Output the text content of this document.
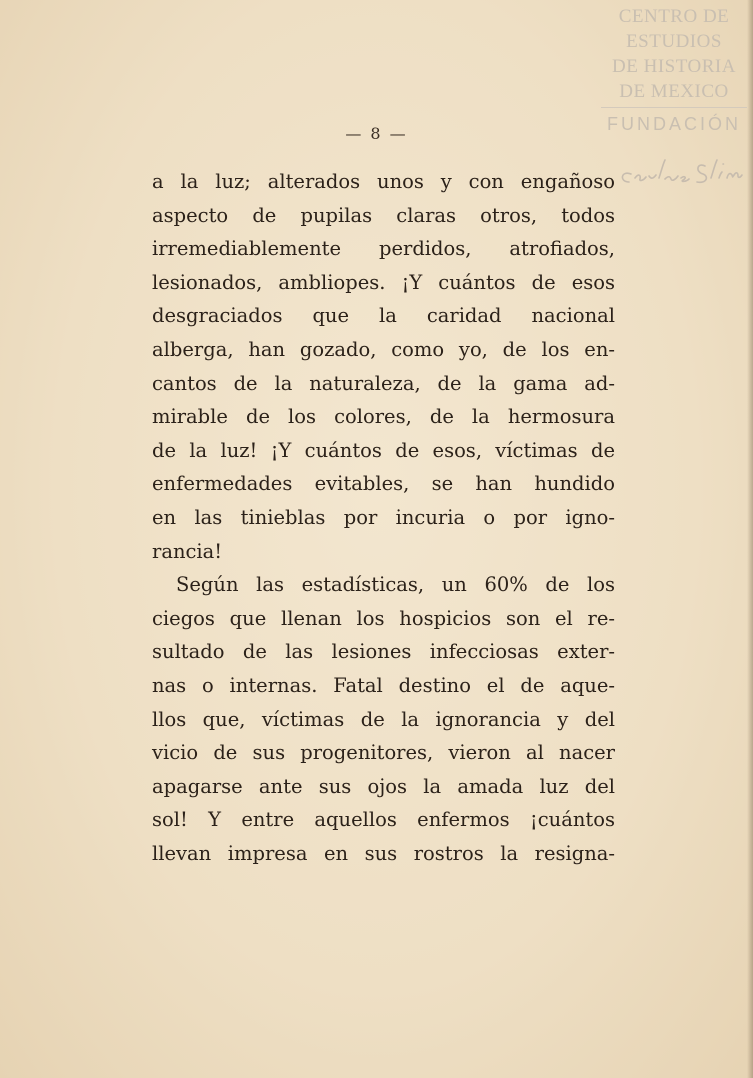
CENTRO DE
ESTUDIOS
DE HISTORIA
DE MEXICO
FUNDACIÓN
— 8 —
a la luz; alterados unos y con engañoso
aspecto de pupilas claras otros, todos
irremediablemente perdidos, atrofiados,
lesionados, ambliopes. ¡Y cuántos de esos
desgraciados que la caridad nacional
alberga, han gozado, como yo, de los en-
cantos de la naturaleza, de la gama ad-
mirable de los colores, de la hermosura
de la luz! ¡Y cuántos de esos, víctimas de
enfermedades evitables, se han hundido
en las tinieblas por incuria o por igno-
rancia!
Según las estadísticas, un 60% de los
ciegos que llenan los hospicios son el re-
sultado de las lesiones infecciosas exter-
nas o internas. Fatal destino el de aque-
llos que, víctimas de la ignorancia y del
vicio de sus progenitores, vieron al nacer
apagarse ante sus ojos la amada luz del
sol! Y entre aquellos enfermos ¡cuántos
llevan impresa en sus rostros la resigna-
